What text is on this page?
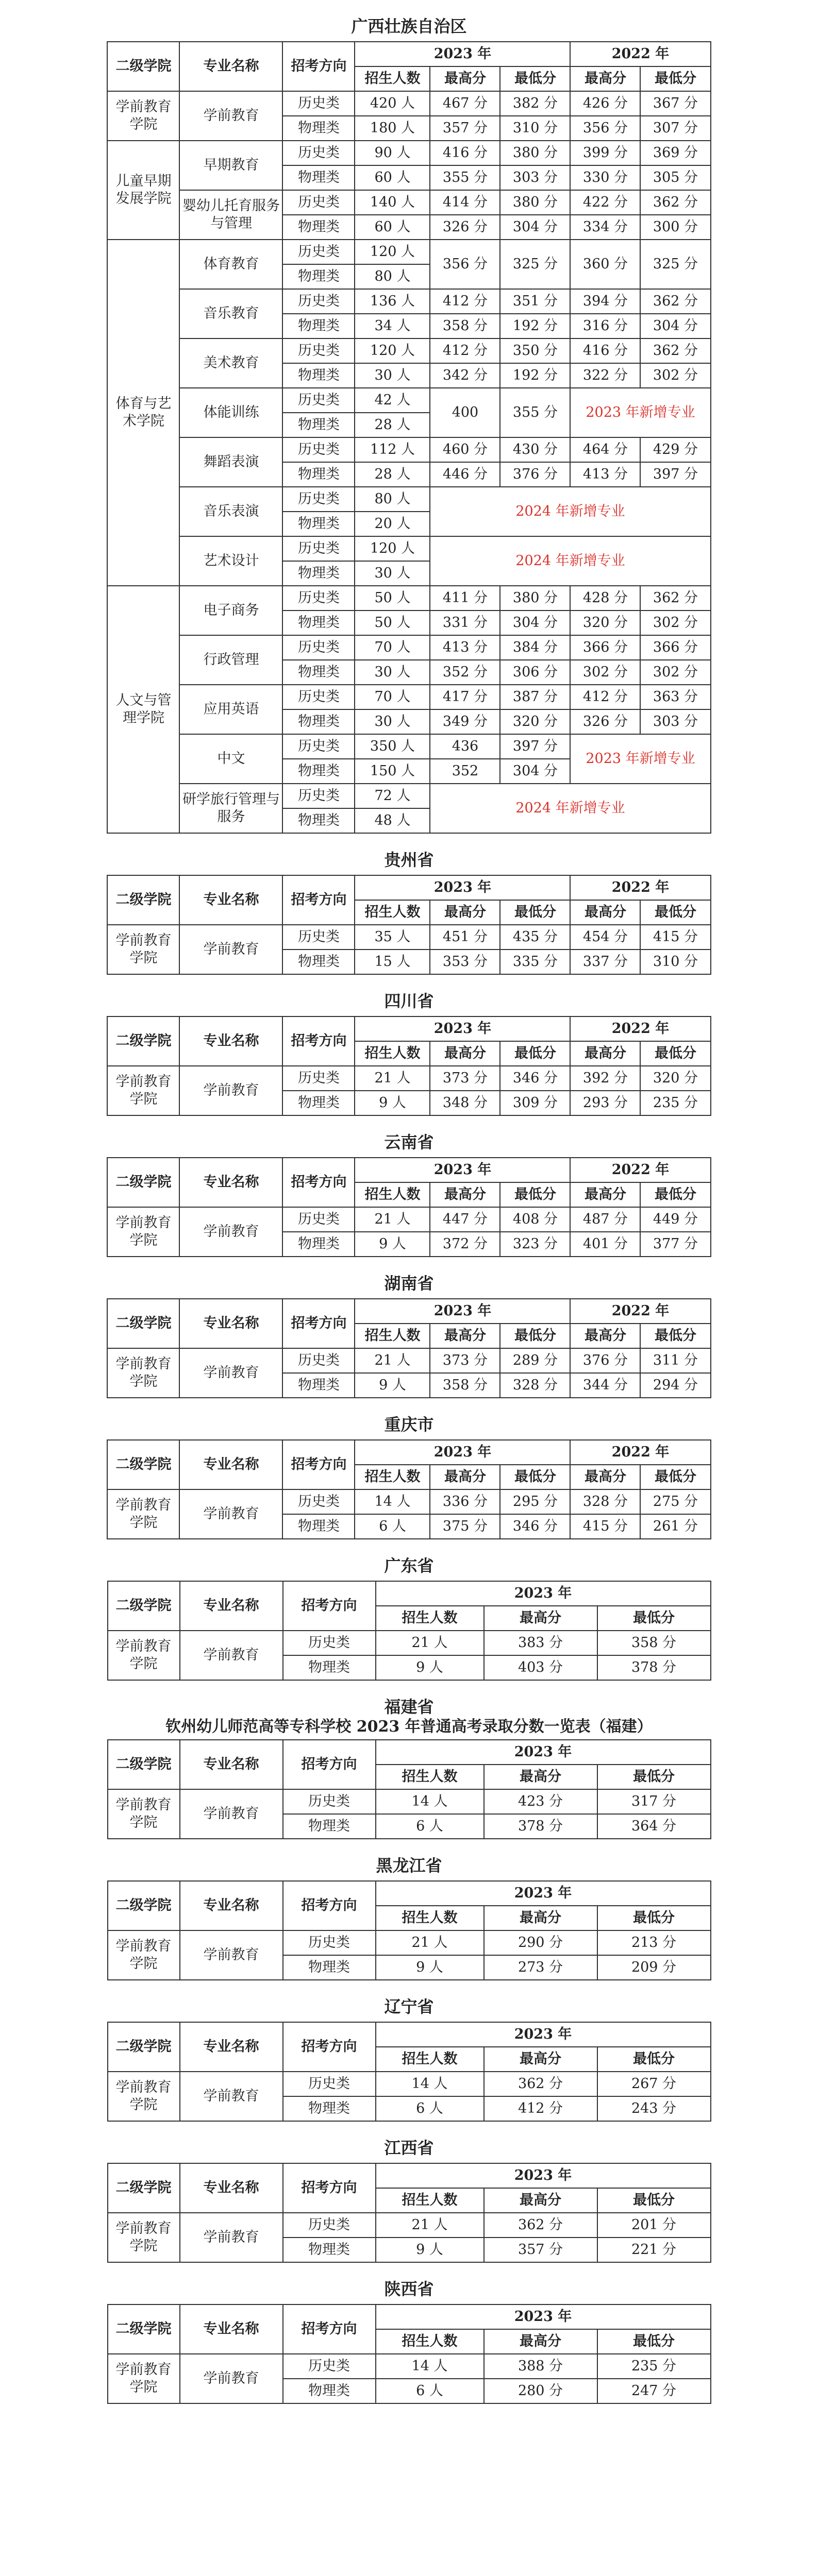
广西壮族自治区
二级学院	专业名称	招考方向	2023 年			2022 年	
			招生人数	最高分	最低分	最高分	最低分
学前教育学院	学前教育	历史类	420 人	467 分	382 分	426 分	367 分
		物理类	180 人	357 分	310 分	356 分	307 分
儿童早期发展学院	早期教育	历史类	90 人	416 分	380 分	399 分	369 分
		物理类	60 人	355 分	303 分	330 分	305 分
	婴幼儿托育服务与管理	历史类	140 人	414 分	380 分	422 分	362 分
		物理类	60 人	326 分	304 分	334 分	300 分
体育与艺术学院	体育教育	历史类	120 人	356 分	325 分	360 分	325 分
		物理类	80 人				
	音乐教育	历史类	136 人	412 分	351 分	394 分	362 分
		物理类	34 人	358 分	192 分	316 分	304 分
	美术教育	历史类	120 人	412 分	350 分	416 分	362 分
		物理类	30 人	342 分	192 分	322 分	302 分
	体能训练	历史类	42 人	400	355 分	2023 年新增专业	
		物理类	28 人				
	舞蹈表演	历史类	112 人	460 分	430 分	464 分	429 分
		物理类	28 人	446 分	376 分	413 分	397 分
	音乐表演	历史类	80 人	2024 年新增专业			
		物理类	20 人				
	艺术设计	历史类	120 人	2024 年新增专业			
		物理类	30 人				
人文与管理学院	电子商务	历史类	50 人	411 分	380 分	428 分	362 分
		物理类	50 人	331 分	304 分	320 分	302 分
	行政管理	历史类	70 人	413 分	384 分	366 分	366 分
		物理类	30 人	352 分	306 分	302 分	302 分
	应用英语	历史类	70 人	417 分	387 分	412 分	363 分
		物理类	30 人	349 分	320 分	326 分	303 分
	中文	历史类	350 人	436	397 分	2023 年新增专业	
		物理类	150 人	352	304 分		
	研学旅行管理与服务	历史类	72 人	2024 年新增专业			
		物理类	48 人				
贵州省
二级学院	专业名称	招考方向	2023 年			2022 年	
			招生人数	最高分	最低分	最高分	最低分
学前教育学院	学前教育	历史类	35 人	451 分	435 分	454 分	415 分
		物理类	15 人	353 分	335 分	337 分	310 分
四川省
二级学院	专业名称	招考方向	2023 年			2022 年	
			招生人数	最高分	最低分	最高分	最低分
学前教育学院	学前教育	历史类	21 人	373 分	346 分	392 分	320 分
		物理类	9 人	348 分	309 分	293 分	235 分
云南省
二级学院	专业名称	招考方向	2023 年			2022 年	
			招生人数	最高分	最低分	最高分	最低分
学前教育学院	学前教育	历史类	21 人	447 分	408 分	487 分	449 分
		物理类	9 人	372 分	323 分	401 分	377 分
湖南省
二级学院	专业名称	招考方向	2023 年			2022 年	
			招生人数	最高分	最低分	最高分	最低分
学前教育学院	学前教育	历史类	21 人	373 分	289 分	376 分	311 分
		物理类	9 人	358 分	328 分	344 分	294 分
重庆市
二级学院	专业名称	招考方向	2023 年			2022 年	
			招生人数	最高分	最低分	最高分	最低分
学前教育学院	学前教育	历史类	14 人	336 分	295 分	328 分	275 分
		物理类	6 人	375 分	346 分	415 分	261 分
广东省
二级学院	专业名称	招考方向	2023 年		
			招生人数	最高分	最低分
学前教育学院	学前教育	历史类	21 人	383 分	358 分
		物理类	9 人	403 分	378 分
福建省
钦州幼儿师范高等专科学校 2023 年普通高考录取分数一览表（福建）
二级学院	专业名称	招考方向	2023 年		
			招生人数	最高分	最低分
学前教育学院	学前教育	历史类	14 人	423 分	317 分
		物理类	6 人	378 分	364 分
黑龙江省
二级学院	专业名称	招考方向	2023 年		
			招生人数	最高分	最低分
学前教育学院	学前教育	历史类	21 人	290 分	213 分
		物理类	9 人	273 分	209 分
辽宁省
二级学院	专业名称	招考方向	2023 年		
			招生人数	最高分	最低分
学前教育学院	学前教育	历史类	14 人	362 分	267 分
		物理类	6 人	412 分	243 分
江西省
二级学院	专业名称	招考方向	2023 年		
			招生人数	最高分	最低分
学前教育学院	学前教育	历史类	21 人	362 分	201 分
		物理类	9 人	357 分	221 分
陕西省
二级学院	专业名称	招考方向	2023 年		
			招生人数	最高分	最低分
学前教育学院	学前教育	历史类	14 人	388 分	235 分
		物理类	6 人	280 分	247 分
